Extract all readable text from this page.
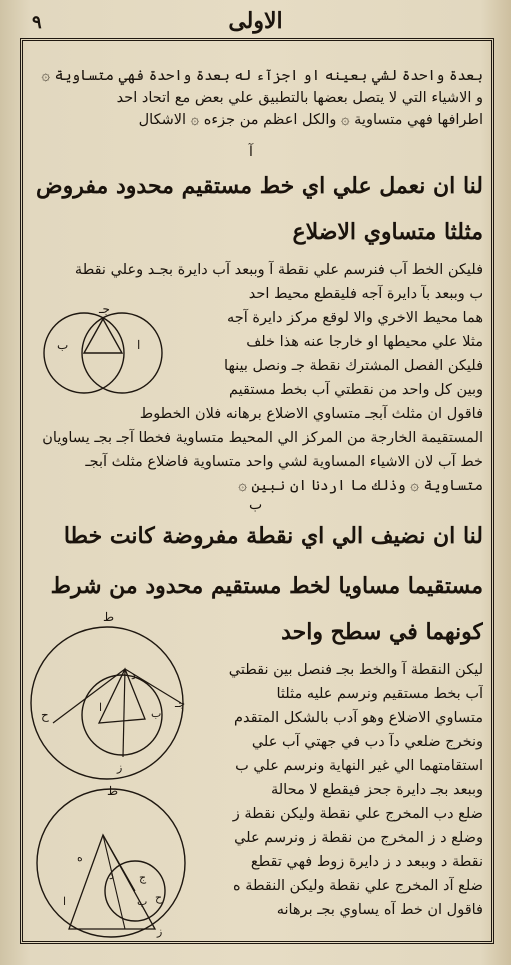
٩	الاولى
بعدة واحدة لشي بعينه او اجزآء له بعدة واحدة فهي متساوية ۞
و الاشياء التي لا يتصل بعضها بالتطبيق علي بعض مع اتحاد احد
اطرافها فهي متساوية ۞ والكل اعظم من جزءه ۞ الاشكال
آ
لنا ان نعمل علي اي خط مستقيم محدود مفروض
مثلثا متساوي الاضلاع
فليكن الخط آب فنرسم علي نقطة آ وببعد آب دايرة بجـد وعلي نقطة
ب وببعد بآ دايرة آجه فليقطع محيط احد
هما محيط الاخري والا لوقع مركز دايرة آجه
مثلا علي محيطها او خارجا عنه هذا خلف
فليكن الفصل المشترك نقطة جـ ونصل بينها
وبين كل واحد من نقطتي آب بخط مستقيم
فاقول ان مثلث آبجـ متساوي الاضلاع برهانه فلان الخطوط
المستقيمة الخارجة من المركز الي المحيط متساوية فخطا آجـ بجـ يساويان
خط آب لان الاشياء المساوية لشي واحد متساوية فاضلاع مثلث آبجـ
متساوية ۞ وذلك ما اردنا ان نبين ۞
جـ
ب	ا
ب
لنا ان نضيف الي اي نقطة مفروضة كانت خطا
مستقيما مساويا لخط مستقيم محدود من شرط
كونهما في سطح واحد
ليكن النقطة آ والخط بجـ فنصل بين نقطتي
آب بخط مستقيم ونرسم عليه مثلثا
متساوي الاضلاع وهو آدب بالشكل المتقدم
ونخرج ضلعي دآ دب في جهتي آب علي
استقامتهما الي غير النهاية ونرسم علي ب
وببعد بجـ دايرة جحز فيقطع لا محالة
ضلع دب المخرج علي نقطة وليكن نقطة ز
وضلع د ز المخرج من نقطة ز ونرسم علي
نقطة د وببعد د ز دايرة زوط فهي تقطع
ضلع آد المخرج علي نقطة وليكن النقطة ه
فاقول ان خط آه يساوي بجـ برهانه
ط
ح
د
ب
ا
ز
جـ
ط
ه
ا
د ج
ب ح
ز
